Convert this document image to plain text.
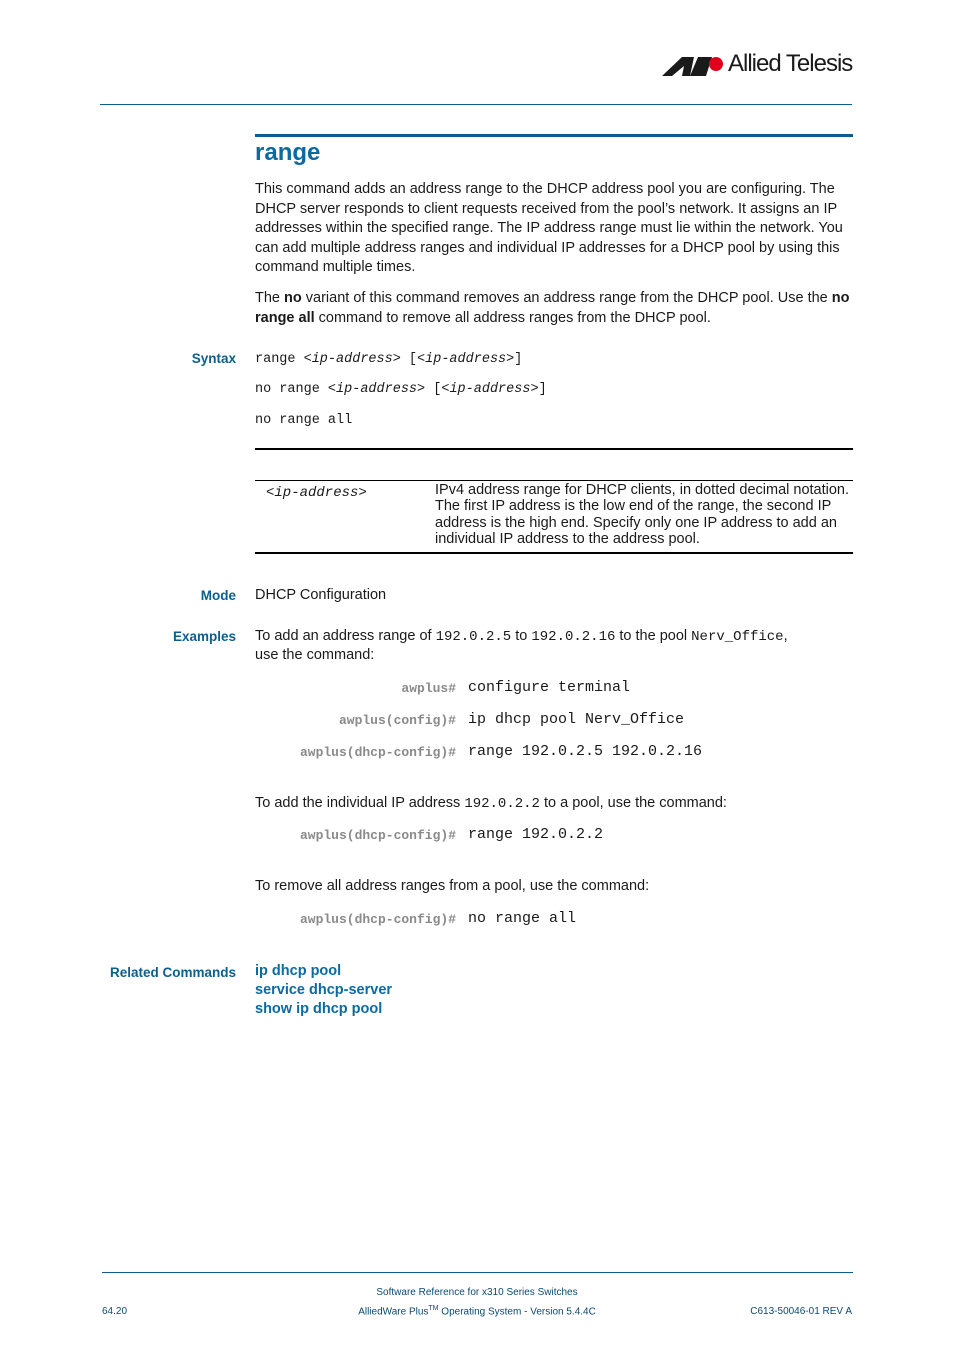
Allied Telesis
range
This command adds an address range to the DHCP address pool you are configuring. The DHCP server responds to client requests received from the pool’s network. It assigns an IP addresses within the specified range. The IP address range must lie within the network. You can add multiple address ranges and individual IP addresses for a DHCP pool by using this command multiple times.
The no variant of this command removes an address range from the DHCP pool. Use the no range all command to remove all address ranges from the DHCP pool.
Syntax range <ip-address> [<ip-address>]
no range <ip-address> [<ip-address>]
no range all
<ip-address>	IPv4 address range for DHCP clients, in dotted decimal notation. The first IP address is the low end of the range, the second IP address is the high end. Specify only one IP address to add an individual IP address to the address pool.
Mode DHCP Configuration
Examples To add an address range of 192.0.2.5 to 192.0.2.16 to the pool Nerv_Office,
use the command:
awplus# configure terminal
awplus(config)# ip dhcp pool Nerv_Office
awplus(dhcp-config)# range 192.0.2.5 192.0.2.16
To add the individual IP address 192.0.2.2 to a pool, use the command:
awplus(dhcp-config)# range 192.0.2.2
To remove all address ranges from a pool, use the command:
awplus(dhcp-config)# no range all
Related Commands ip dhcp pool
service dhcp-server
show ip dhcp pool
Software Reference for x310 Series Switches
AlliedWare Plus™ Operating System - Version 5.4.4C
64.20	C613-50046-01 REV A
